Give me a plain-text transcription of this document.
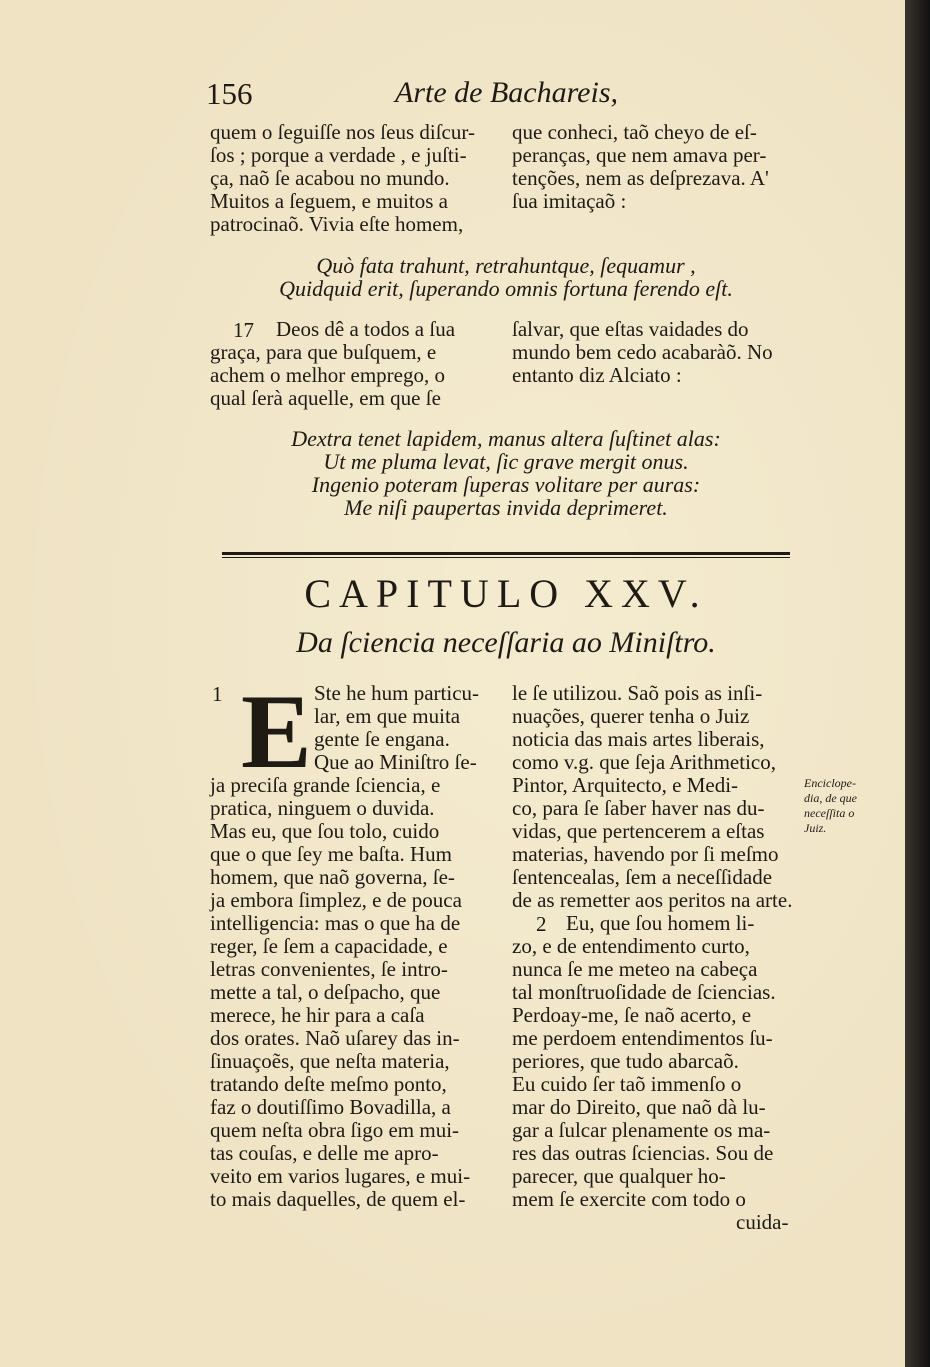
156	Arte de Bachareis,
quem o ſeguiſſe nos ſeus diſcur-
ſos ; porque a verdade , e juſti-
ça, naõ ſe acabou no mundo.
Muitos a ſeguem, e muitos a
patrocinaõ. Vivia eſte homem,
que conheci, taõ cheyo de eſ-
peranças, que nem amava per-
tenções, nem as deſprezava. A'
ſua imitaçaõ :
Quò fata trahunt, retrahuntque, ſequamur ,
Quidquid erit, ſuperando omnis fortuna ferendo eſt.
17 Deos dê a todos a ſua
graça, para que buſquem, e
achem o melhor emprego, o
qual ſerà aquelle, em que ſe
ſalvar, que eſtas vaidades do
mundo bem cedo acabaràõ. No
entanto diz Alciato :
Dextra tenet lapidem, manus altera ſuſtinet alas:
Ut me pluma levat, ſic grave mergit onus.
Ingenio poteram ſuperas volitare per auras:
Me niſi paupertas invida deprimeret.
CAPITULO XXV.
Da ſciencia neceſſaria ao Miniſtro.
1 E Ste he hum particu-
lar, em que muita
gente ſe engana.
Que ao Miniſtro ſe-
ja preciſa grande ſciencia, e
pratica, ninguem o duvida.
Mas eu, que ſou tolo, cuido
que o que ſey me baſta. Hum
homem, que naõ governa, ſe-
ja embora ſimplez, e de pouca
intelligencia: mas o que ha de
reger, ſe ſem a capacidade, e
letras convenientes, ſe intro-
mette a tal, o deſpacho, que
merece, he hir para a caſa
dos orates. Naõ uſarey das in-
ſinuaçoẽs, que neſta materia,
tratando deſte meſmo ponto,
faz o doutiſſimo Bovadilla, a
quem neſta obra ſigo em mui-
tas couſas, e delle me apro-
veito em varios lugares, e mui-
to mais daquelles, de quem el-
le ſe utilizou. Saõ pois as inſi-
nuações, querer tenha o Juiz
noticia das mais artes liberais,
como v.g. que ſeja Arithmetico,
Pintor, Arquitecto, e Medi-
co, para ſe ſaber haver nas du-
vidas, que pertencerem a eſtas
materias, havendo por ſi meſmo
ſentencealas, ſem a neceſſidade
de as remetter aos peritos na arte.
2 Eu, que ſou homem li-
zo, e de entendimento curto,
nunca ſe me meteo na cabeça
tal monſtruoſidade de ſciencias.
Perdoay-me, ſe naõ acerto, e
me perdoem entendimentos ſu-
periores, que tudo abarcaõ.
Eu cuido ſer taõ immenſo o
mar do Direito, que naõ dà lu-
gar a ſulcar plenamente os ma-
res das outras ſciencias. Sou de
parecer, que qualquer ho-
mem ſe exercite com todo o
cuida-
Enciclope-
dia, de que
neceſſita o
Juiz.
